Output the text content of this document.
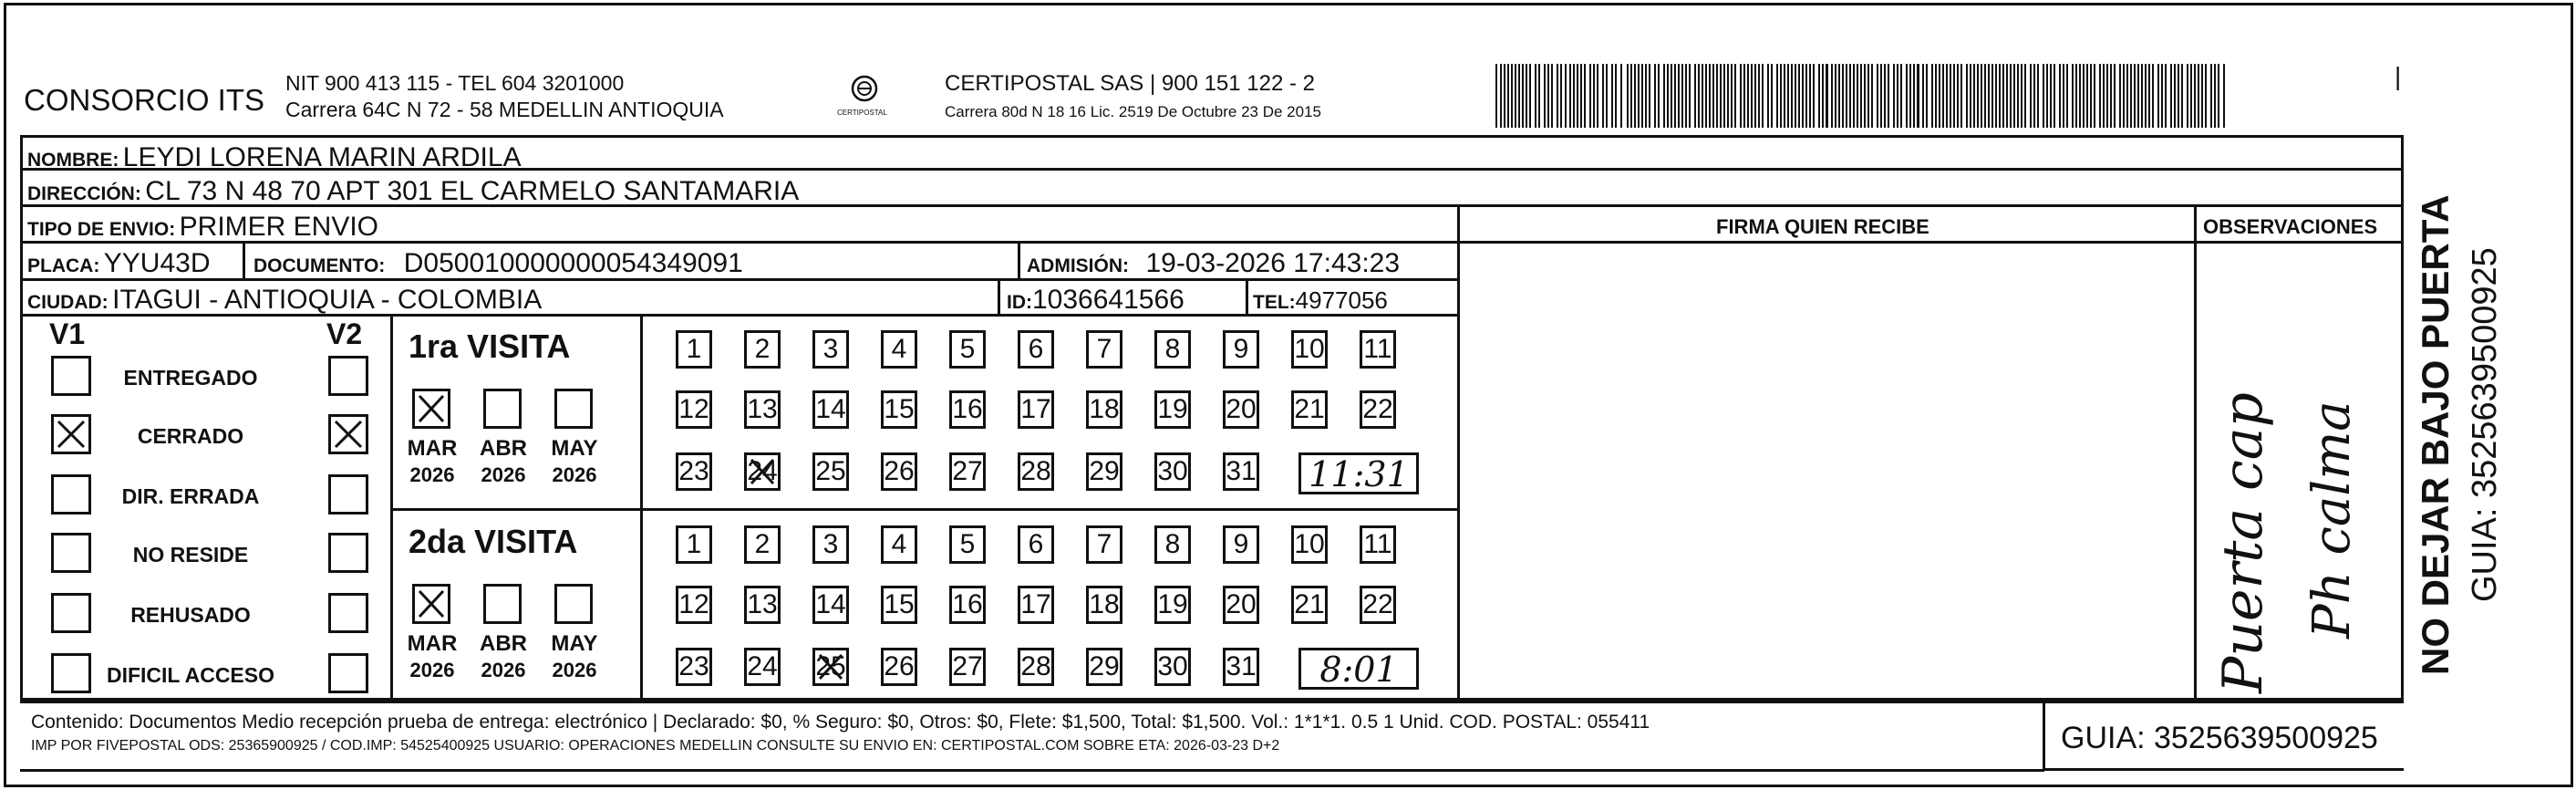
CONSORCIO ITS NIT 900 413 115 - TEL 604 3201000
Carrera 64C N 72 - 58 MEDELLIN ANTIOQUIA	CERTIPOSTAL
CERTIPOSTAL SAS | 900 151 122 - 2
Carrera 80d N 18 16 Lic. 2519 De Octubre 23 De 2015
|
NOMBRE: LEYDI LORENA MARIN ARDILA
DIRECCIÓN: CL 73 N 48 70 APT 301 EL CARMELO SANTAMARIA
TIPO DE ENVIO: PRIMER ENVIO
PLACA: YYU43D DOCUMENTO: D050010000000054349091	ADMISIÓN: 19-03-2026 17:43:23
CIUDAD: ITAGUI - ANTIOQUIA - COLOMBIA	ID:1036641566	TEL:4977056
FIRMA QUIEN RECIBE	OBSERVACIONES
Puerta cap Ph calma
V1	V2
ENTREGADO
CERRADO
DIR. ERRADA
NO RESIDE
REHUSADO
DIFICIL ACCESO
1ra VISITA
MAR
2026
ABR
2026
MAY
2026
1 2 3 4 5 6 7 8 9 10 11
12 13 14 15 16 17 18 19 20 21 22
23 24 25 26 27 28 29 30 31 11:31
2da VISITA
MAR
2026
ABR
2026
MAY
2026
1 2 3 4 5 6 7 8 9 10 11
12 13 14 15 16 17 18 19 20 21 22
23 24 25 26 27 28 29 30 31	8:01
Contenido: Documentos Medio recepción prueba de entrega: electrónico | Declarado: $0, % Seguro: $0, Otros: $0, Flete: $1,500, Total: $1,500. Vol.: 1*1*1. 0.5 1 Unid. COD. POSTAL: 055411
IMP POR FIVEPOSTAL ODS: 25365900925 / COD.IMP: 54525400925 USUARIO: OPERACIONES MEDELLIN CONSULTE SU ENVIO EN: CERTIPOSTAL.COM SOBRE ETA: 2026-03-23 D+2	GUIA: 3525639500925
NO DEJAR BAJO PUERTA GUIA: 3525639500925
